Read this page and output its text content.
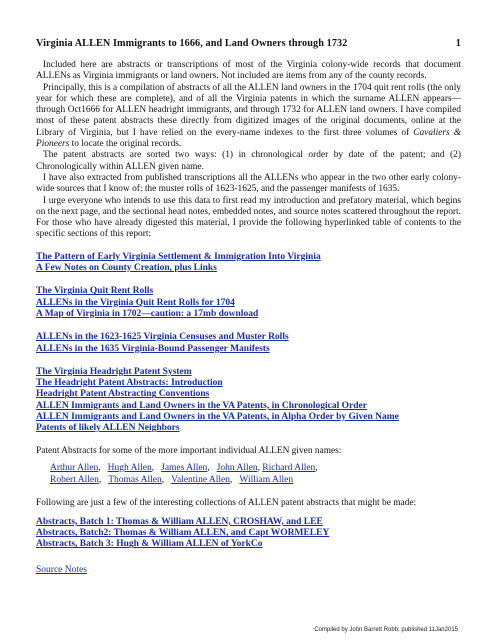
Virginia ALLEN Immigrants to 1666, and Land Owners through 1732	1

Included here are abstracts or transcriptions of most of the Virginia colony-wide records that document ALLENs as Virginia immigrants or land owners. Not included are items from any of the county records.

Principally, this is a compilation of abstracts of all the ALLEN land owners in the 1704 quit rent rolls (the only year for which these are complete), and of all the Virginia patents in which the surname ALLEN appears—through Oct1666 for ALLEN headright immigrants, and through 1732 for ALLEN land owners. I have compiled most of these patent abstracts these directly from digitized images of the original documents, online at the Library of Virginia, but I have relied on the every-name indexes to the first three volumes of Cavaliers & Pioneers to locate the original records.

The patent abstracts are sorted two ways: (1) in chronological order by date of the patent; and (2) Chronologically within ALLEN given name.

I have also extracted from published transcriptions all the ALLENs who appear in the two other early colony-wide sources that I know of: the muster rolls of 1623-1625, and the passenger manifests of 1635.

I urge everyone who intends to use this data to first read my introduction and prefatory material, which begins on the next page, and the sectional head notes, embedded notes, and source notes scattered throughout the report. For those who have already digested this material, I provide the following hyperlinked table of contents to the specific sections of this report:

The Pattern of Early Virginia Settlement & Immigration Into Virginia
A Few Notes on County Creation, plus Links
The Virginia Quit Rent Rolls
ALLENs in the Virginia Quit Rent Rolls for 1704
A Map of Virginia in 1702—caution: a 17mb download
ALLENs in the 1623-1625 Virginia Censuses and Muster Rolls
ALLENs in the 1635 Virginia-Bound Passenger Manifests
The Virginia Headright Patent System
The Headright Patent Abstracts: Introduction
Headright Patent Abstracting Conventions
ALLEN Immigrants and Land Owners in the VA Patents, in Chronological Order
ALLEN Immigrants and Land Owners in the VA Patents, in Alpha Order by Given Name
Patents of likely ALLEN Neighbors
Patent Abstracts for some of the more important individual ALLEN given names:
Arthur Allen,   Hugh Allen,   James Allen,   John Allen, Richard Allen,
Robert Allen,   Thomas Allen,   Valentine Allen,   William Allen
Following are just a few of the interesting collections of ALLEN patent abstracts that might be made:
Abstracts, Batch 1: Thomas & William ALLEN, CROSHAW, and LEE
Abstracts, Batch2: Thomas & William ALLEN, and Capt WORMELEY
Abstracts, Batch 3: Hugh & William ALLEN of YorkCo
Source Notes
Compiled by John Barrett Robb; published 11Jan2015
